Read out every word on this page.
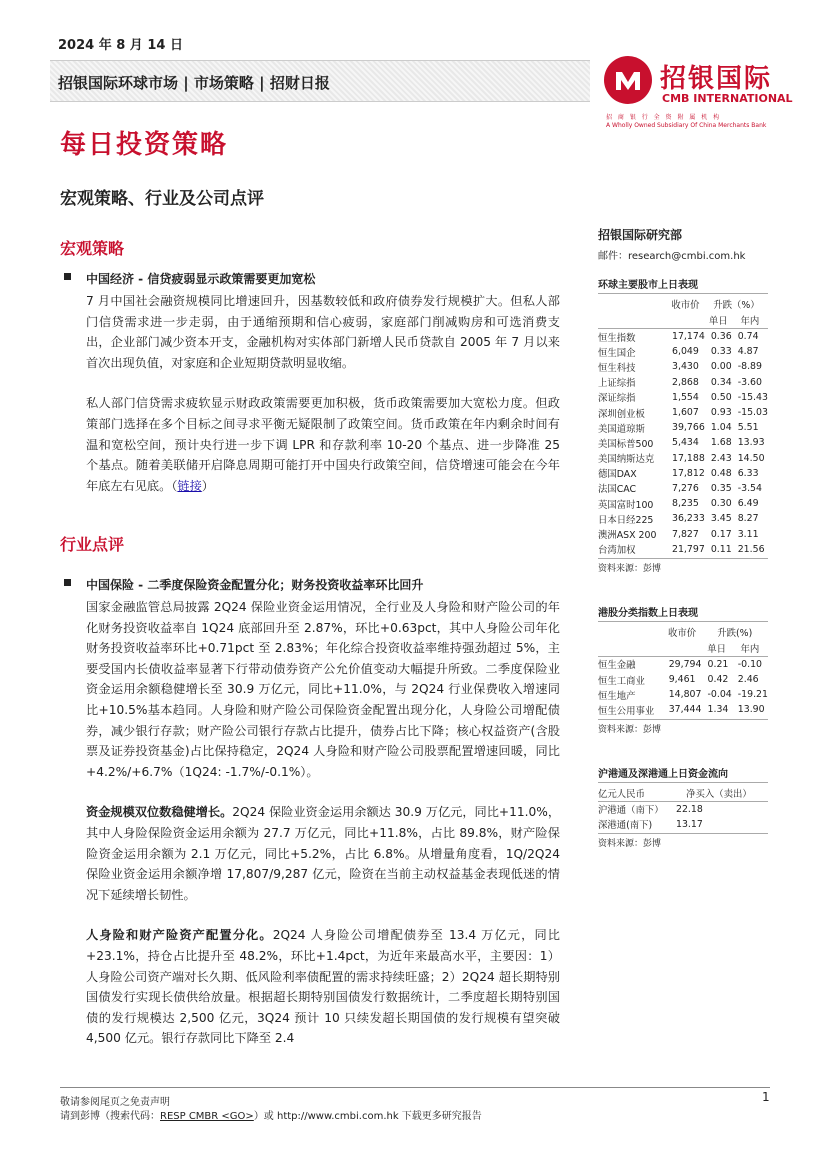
2024 年 8 月 14 日
招银国际环球市场 | 市场策略 | 招财日报	招银国际
CMB INTERNATIONAL
招 商 银 行 全 资 附 属 机 构
A Wholly Owned Subsidiary Of China Merchants Bank
每日投资策略
宏观策略、行业及公司点评
宏观策略
中国经济 - 信贷疲弱显示政策需要更加宽松
7 月中国社会融资规模同比增速回升，因基数较低和政府债券发行规模扩大。但私人部门信贷需求进一步走弱，由于通缩预期和信心疲弱，家庭部门削减购房和可选消费支出，企业部门减少资本开支，金融机构对实体部门新增人民币贷款自 2005 年 7 月以来首次出现负值，对家庭和企业短期贷款明显收缩。
私人部门信贷需求疲软显示财政政策需要更加积极，货币政策需要加大宽松力度。但政策部门选择在多个目标之间寻求平衡无疑限制了政策空间。货币政策在年内剩余时间有温和宽松空间，预计央行进一步下调 LPR 和存款利率 10-20 个基点、进一步降准 25 个基点。随着美联储开启降息周期可能打开中国央行政策空间，信贷增速可能会在今年年底左右见底。（链接）
行业点评
中国保险 - 二季度保险资金配置分化；财务投资收益率环比回升
国家金融监管总局披露 2Q24 保险业资金运用情况，全行业及人身险和财产险公司的年化财务投资收益率自 1Q24 底部回升至 2.87%，环比+0.63pct，其中人身险公司年化财务投资收益率环比+0.71pct 至 2.83%；年化综合投资收益率维持强劲超过 5%，主要受国内长债收益率显著下行带动债券资产公允价值变动大幅提升所致。二季度保险业资金运用余额稳健增长至 30.9 万亿元，同比+11.0%，与 2Q24 行业保费收入增速同比+10.5%基本趋同。人身险和财产险公司保险资金配置出现分化，人身险公司增配债券，减少银行存款；财产险公司银行存款占比提升，债券占比下降；核心权益资产(含股票及证券投资基金)占比保持稳定，2Q24 人身险和财产险公司股票配置增速回暖，同比+4.2%/+6.7%（1Q24: -1.7%/-0.1%）。
资金规模双位数稳健增长。2Q24 保险业资金运用余额达 30.9 万亿元，同比+11.0%，其中人身险保险资金运用余额为 27.7 万亿元，同比+11.8%，占比 89.8%，财产险保险资金运用余额为 2.1 万亿元，同比+5.2%，占比 6.8%。从增量角度看，1Q/2Q24 保险业资金运用余额净增 17,807/9,287 亿元，险资在当前主动权益基金表现低迷的情况下延续增长韧性。
人身险和财产险资产配置分化。2Q24 人身险公司增配债券至 13.4 万亿元，同比+23.1%，持仓占比提升至 48.2%，环比+1.4pct，为近年来最高水平，主要因：1）人身险公司资产端对长久期、低风险利率债配置的需求持续旺盛；2）2Q24 超长期特别国债发行实现长债供给放量。根据超长期特别国债发行数据统计，二季度超长期特别国债的发行规模达 2,500 亿元，3Q24 预计 10 只续发超长期国债的发行规模有望突破 4,500 亿元。银行存款同比下降至 2.4
招银国际研究部
邮件：research@cmbi.com.hk
环球主要股市上日表现
	收市价	升跌（%）	
		单日	年内
恒生指数	17,174	0.36	0.74
恒生国企	6,049	0.33	4.87
恒生科技	3,430	0.00	-8.89
上证综指	2,868	0.34	-3.60
深证综指	1,554	0.50	-15.43
深圳创业板	1,607	0.93	-15.03
美国道琼斯	39,766	1.04	5.51
美国标普500	5,434	1.68	13.93
美国纳斯达克	17,188	2.43	14.50
德国DAX	17,812	0.48	6.33
法国CAC	7,276	0.35	-3.54
英国富时100	8,235	0.30	6.49
日本日经225	36,233	3.45	8.27
澳洲ASX 200	7,827	0.17	3.11
台湾加权	21,797	0.11	21.56
资料来源：彭博
港股分类指数上日表现
	收市价	升跌(%)	
		单日	年内
恒生金融	29,794	0.21	-0.10
恒生工商业	9,461	0.42	2.46
恒生地产	14,807	-0.04	-19.21
恒生公用事业	37,444	1.34	13.90
资料来源：彭博
沪港通及深港通上日资金流向
亿元人民币	净买入（卖出）
沪港通（南下）	22.18
深港通(南下)	13.17
资料来源：彭博
敬请参阅尾页之免责声明
请到彭博（搜索代码：RESP CMBR <GO>）或 http://www.cmbi.com.hk 下载更多研究报告
1
